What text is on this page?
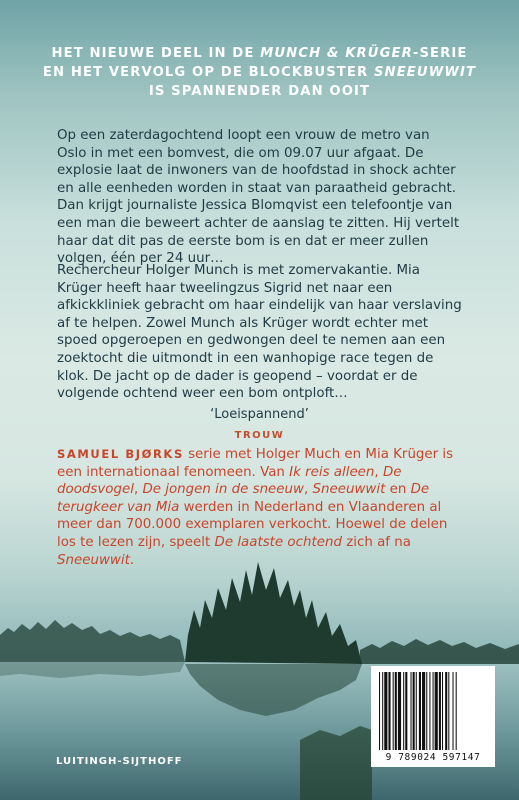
HET NIEUWE DEEL IN DE MUNCH & KRÜGER-SERIE
EN HET VERVOLG OP DE BLOCKBUSTER SNEEUWWIT
IS SPANNENDER DAN OOIT

Op een zaterdagochtend loopt een vrouw de metro van Oslo in met een bomvest, die om 09.07 uur afgaat. De explosie laat de inwoners van de hoofdstad in shock achter en alle eenheden worden in staat van paraatheid gebracht. Dan krijgt journaliste Jessica Blomqvist een telefoontje van een man die beweert achter de aanslag te zitten. Hij vertelt haar dat dit pas de eerste bom is en dat er meer zullen volgen, één per 24 uur…

Rechercheur Holger Munch is met zomervakantie. Mia Krüger heeft haar tweelingzus Sigrid net naar een afkickkliniek gebracht om haar eindelijk van haar verslaving af te helpen. Zowel Munch als Krüger wordt echter met spoed opgeroepen en gedwongen deel te nemen aan een zoektocht die uitmondt in een wanhopige race tegen de klok. De jacht op de dader is geopend – voordat er de volgende ochtend weer een bom ontploft…

‘Loeispannend’
TROUW

SAMUEL BJØRKS serie met Holger Much en Mia Krüger is een internationaal fenomeen. Van Ik reis alleen, De doodsvogel, De jongen in de sneeuw, Sneeuwwit en De terugkeer van Mia werden in Nederland en Vlaanderen al meer dan 700.000 exemplaren verkocht. Hoewel de delen los te lezen zijn, speelt De laatste ochtend zich af na Sneeuwwit.

LUITINGH-SIJTHOFF	9 789024 597147
